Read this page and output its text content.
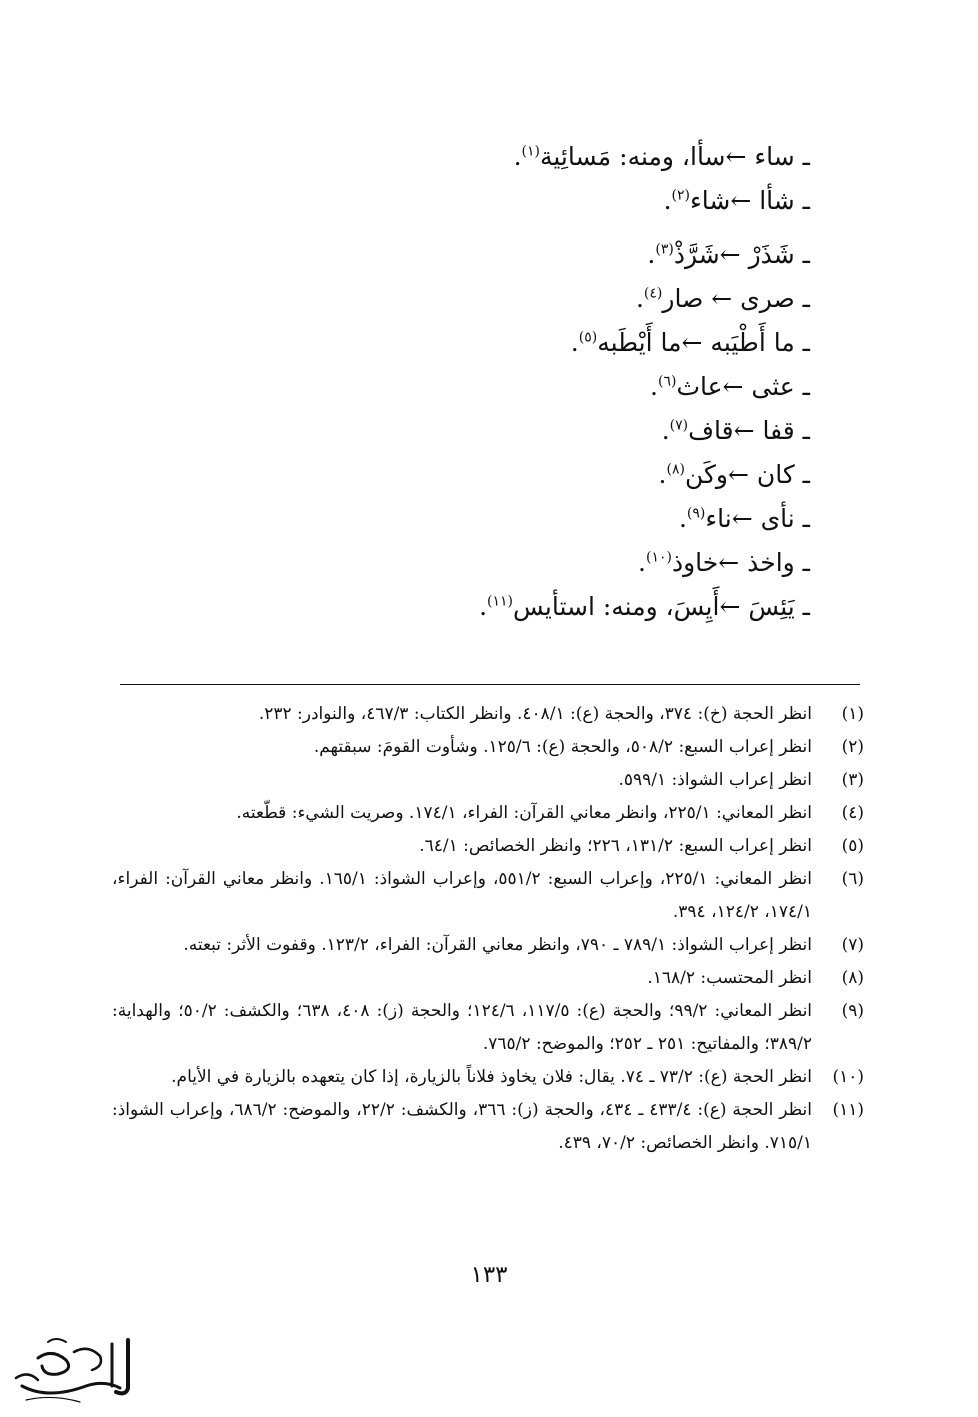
ـ ساء ←سأا، ومنه: مَسائِية$^{(١)}$.
ـ شأا ←شاء$^{(٢)}$.
ـ شَذَرْ ←شَرَّذْ$^{(٣)}$.
ـ صرى ← صار$^{(٤)}$.
ـ ما أَطْيَبه ←ما أَيْطَبه$^{(٥)}$.
ـ عثى ←عاث$^{(٦)}$.
ـ قفا ←قاف$^{(٧)}$.
ـ كان ←وكَن$^{(٨)}$.
ـ نأى ←ناء$^{(٩)}$.
ـ واخذ ←خاوذ$^{(١٠)}$.
ـ يَئِسَ ←أَيِسَ، ومنه: استأيس$^{(١١)}$.
(١)
انظر الحجة (خ): ٣٧٤، والحجة (ع): ٤٠٨/١. وانظر الكتاب: ٤٦٧/٣، والنوادر: ٢٣٢.
(٢)
انظر إعراب السبع: ٥٠٨/٢، والحجة (ع): ١٢٥/٦. وشأوت القومَ: سبقتهم.
(٣)
انظر إعراب الشواذ: ٥٩٩/١.
(٤)
انظر المعاني: ٢٢٥/١، وانظر معاني القرآن: الفراء، ١٧٤/١. وصريت الشيء: قطّعته.
(٥)
انظر إعراب السبع: ١٣١/٢، ٢٢٦؛ وانظر الخصائص: ٦٤/١.
(٦)
انظر المعاني: ٢٢٥/١، وإعراب السبع: ٥٥١/٢، وإعراب الشواذ: ١٦٥/١. وانظر معاني القرآن: الفراء، ١٧٤/١، ١٢٤/٢، ٣٩٤.
(٧)
انظر إعراب الشواذ: ٧٨٩/١ ـ ٧٩٠، وانظر معاني القرآن: الفراء، ١٢٣/٢. وقفوت الأثر: تبعته.
(٨)
انظر المحتسب: ١٦٨/٢.
(٩)
انظر المعاني: ٩٩/٢؛ والحجة (ع): ١١٧/٥، ١٢٤/٦؛ والحجة (ز): ٤٠٨، ٦٣٨؛ والكشف: ٥٠/٢؛ والهداية: ٣٨٩/٢؛ والمفاتيح: ٢٥١ ـ ٢٥٢؛ والموضح: ٧٦٥/٢.
(١٠)
انظر الحجة (ع): ٧٣/٢ ـ ٧٤. يقال: فلان يخاوذ فلاناً بالزيارة، إذا كان يتعهده بالزيارة في الأيام.
(١١)
انظر الحجة (ع): ٤٣٣/٤ ـ ٤٣٤، والحجة (ز): ٣٦٦، والكشف: ٢٢/٢، والموضح: ٦٨٦/٢، وإعراب الشواذ: ٧١٥/١. وانظر الخصائص: ٧٠/٢، ٤٣٩.
١٣٣
